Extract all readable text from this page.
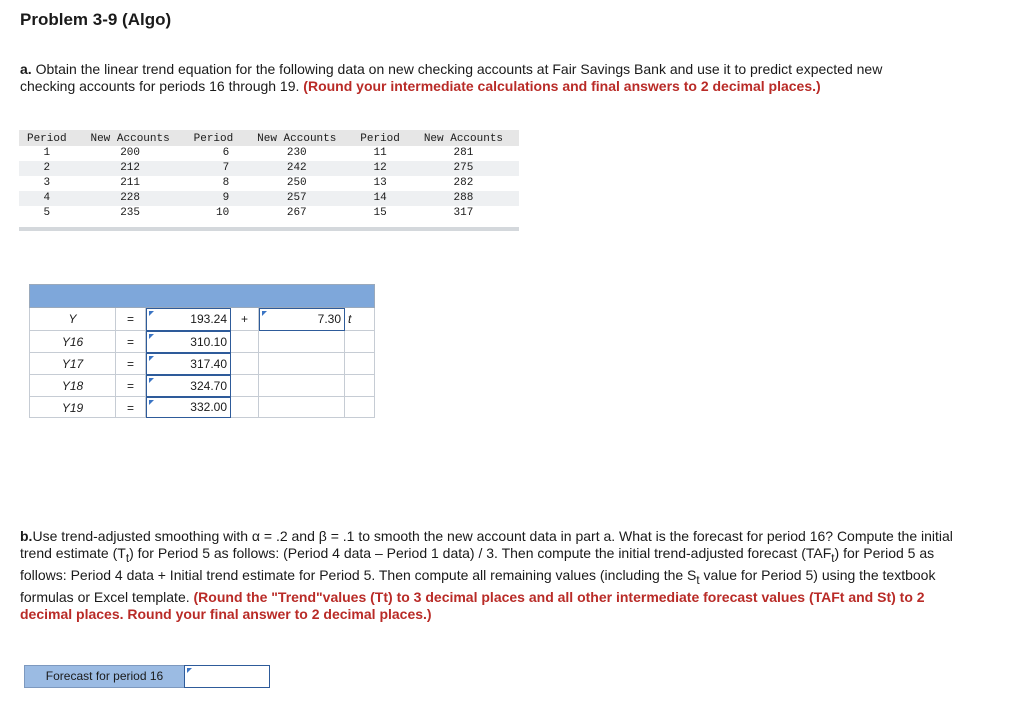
Problem 3-9 (Algo)
a. Obtain the linear trend equation for the following data on new checking accounts at Fair Savings Bank and use it to predict expected new checking accounts for periods 16 through 19. (Round your intermediate calculations and final answers to 2 decimal places.)
Period	New Accounts	Period	New Accounts	Period	New Accounts
1	200	6	230	11	281
2	212	7	242	12	275
3	211	8	250	13	282
4	228	9	257	14	288
5	235	10	267	15	317
Y	=	193.24	+	7.30 t
Y16	=	310.10
Y17	=	317.40
Y18	=	324.70
Y19	=	332.00
b.Use trend-adjusted smoothing with α = .2 and β = .1 to smooth the new account data in part a. What is the forecast for period 16? Compute the initial trend estimate $(T_t)$ for Period 5 as follows: (Period 4 data – Period 1 data) / 3. Then compute the initial trend-adjusted forecast $(TAF_t)$ for Period 5 as follows: Period 4 data + Initial trend estimate for Period 5. Then compute all remaining values (including the $S_t$ value for Period 5) using the textbook formulas or Excel template. (Round the "Trend"values (Tt) to 3 decimal places and all other intermediate forecast values (TAFt and St) to 2 decimal places. Round your final answer to 2 decimal places.)
Forecast for period 16
